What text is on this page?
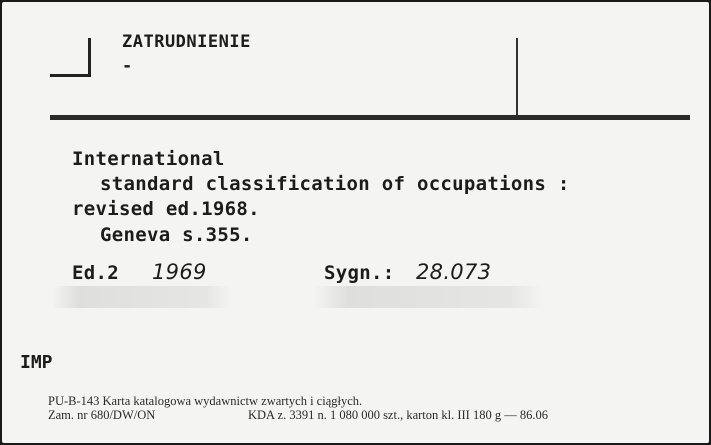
ZATRUDNIENIE
-
International
standard classification of occupations :
revised ed.1968.
Geneva s.355.
Ed.2 1969	Sygn.: 28.073
IMP
PU-B-143 Karta katalogowa wydawnictw zwartych i ciągłych.
Zam. nr 680/DW/ON	KDA z. 3391 n. 1 080 000 szt., karton kl. III 180 g — 86.06
